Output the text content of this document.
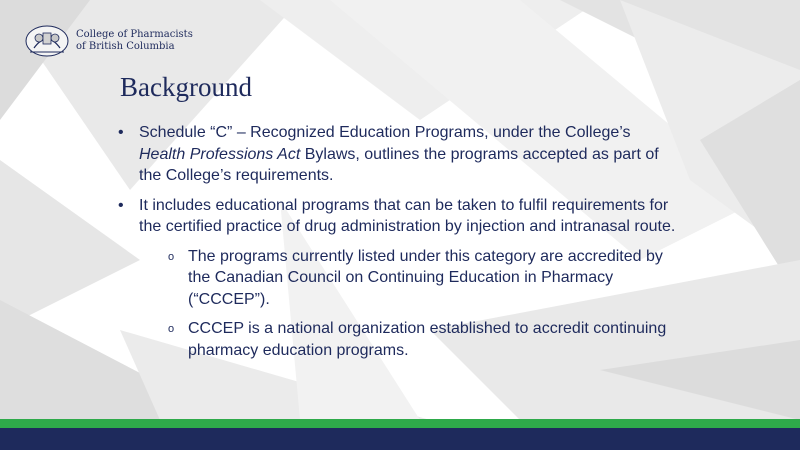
College of Pharmacists
of British Columbia
Background
• Schedule “C” – Recognized Education Programs, under the College’s Health Professions Act Bylaws, outlines the programs accepted as part of the College’s requirements.
• It includes educational programs that can be taken to fulfil requirements for the certified practice of drug administration by injection and intranasal route.
o The programs currently listed under this category are accredited by the Canadian Council on Continuing Education in Pharmacy (“CCCEP”).
o CCCEP is a national organization established to accredit continuing pharmacy education programs.
